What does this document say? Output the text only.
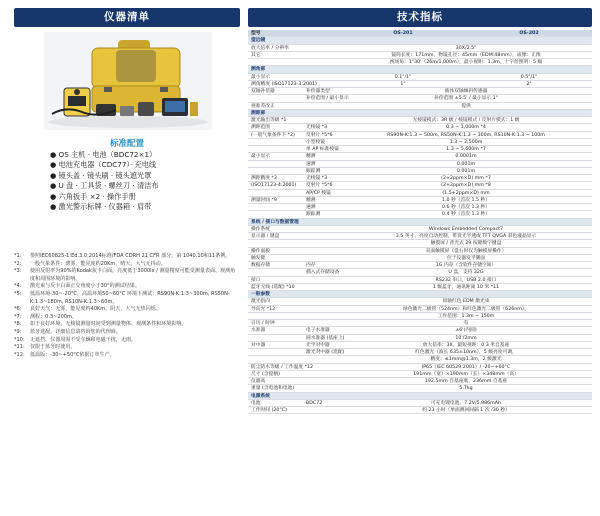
仪器清单
标准配置
● OS 主机 · 电池（BDC72×1）
● 电池充电器（CDC77）· 充电线
● 镜头盖 · 镜头刷 · 镜头遮光罩
● U 盘 · 工具袋 · 螺丝刀 · 清洁布
● 六角扳手 ×2 · 操作手册
● 激光警示标牌 · 仪器箱 · 肩带
*1:	参照IEC60825-1:Ed.3.0:2014标准/FDA CDRH 21 CFR 部分，第 1040.10和11条例。
*2:	一般气象条件：薄雾，能见度约20Km，晴天，大气无抖动。
*3:	使用反射率为90%的Kodak灰卡白面，亮度低于3000lx / 测量精度可能受测量表面、观测角度和周围环境的影响。
*4:	激光束与反卡白面正交角度小于30°的测试结果。
*5:	低温环境-30~-20°C，高温环境50~60°C 环境下测试：RS90N-K:1.3~300m, RS50N-K:1.3~180m, RS10N-K:1.3~60m。
*6:	良好天气：无雾，能见度约40Km，阴天，大气无热闪烁。
*7:	测程：0.3~200m。
*8:	如于良好环境，无棱镜测量时间受到测量物体、观测条件和环境影响。
*9:	蓝牙选配，详细信息请咨询您的代理商。
*10:	无遮挡、仪器周围不受车辆和电磁干扰，无雨。
*11:	仅限于蓝牙时使用。
*12:	低温版：-30~+50°C依据订单生产。
技术指标
型号	OS-201	OS-202
望远镜
放大倍率 / 分辨率	30X/2.5"
其它	镜筒长度：171mm，物镜孔径：45mm（EDM:48mm），成像：正像
视场角：1°30'（26m/1,000m），最小视距：1.3m，十字丝照明：5 级
测角部
最小显示	0.1"/1"	0.5"/1"
测角精度 (ISO17123-3:2001)	1"	2"
双轴补偿器	补偿器类型	液体双轴倾斜传感器
补偿范围 / 最小显示	补偿范围 ±5.5' / 最小显示 1"
视准差改正	提供
测距部
激光输出等级 *1	无棱镜模式：3R 级 / 棱镜模式 / 反射片模式：1 级
测距范围	无棱镜 *3	0.3 ~ 1,000m *4
(一般气象条件下 *2)	反射片 *5*6	RS90N-K:1.3 ~ 500m, RS50N-K:1.3 ~ 300m, RS10N-K:1.3 ~ 100m
小型棱镜	1.3 ~ 2,500m
单 AP 标准棱镜	1.3 ~ 5,600m *7
最小显示	精测	0.0001m
速测	0.001m
跟踪测	0.001m
测距精度 *3	无棱镜 *3	(2+2ppm×D) mm *7
(ISO17123-4:2001)	反射片 *5*6	(2+2ppm×D) mm *8
AP/CP 棱镜	(1.5+2ppm×D) mm
测量时间 *9	精测	1.0 秒（首次 1.5 秒）
速测	0.6 秒（首次 1.3 秒）
跟踪测	0.4 秒（首次 1.3 秒）
系统 / 接口与数据管理
操作系统	Windows Embedded Compact7
显示器 / 键盘	3.5 英寸，亮度自动控制，带背光半透或 TFT QVGA 彩色液晶显示
触摸屏 / 背光式 29 按键数字键盘
操作面板	双面触摸屏（盘右时仅为触摸屏操作）
触发键	位于仪器发平側面
数据存储	内存	1G 内存（含软件存储空间）
插入式存储设备	U 盘，支持 32G
接口	RS232 串口，USB 2.0 接口
蓝牙无线 (选配) *10	1 级蓝牙，通讯距离 10 米 *11
一般参数
激光指向	同轴红色 EDM 激光束
导向光 *12	绿色激光二极管（524nm）和红色激光二极管（626nm），
工作范围：1.3m ~ 150m
日历 / 时钟	有
水准器	电子水准器	±6'(内圆)
圆水准器 (基座上)	10'/2mm
对中器	光学对中器	放大倍率：3X，最短视距：0.3 米自基座
激光对中器 (选配)	红色激光（波长 635±10nm），5 级亮度可调，
精度：≤1mm@1.3m，2 级激光
防尘防水等级 / 工作温度 *12	IP65（IEC 60529:2001）/ -20~+60°C
尺寸 (含提柄)	191mm（宽）×190mm（长）×348mm（高）
仪器高	192.5mm 自基座底，236mm 自基座
重量 (含电池和电池)	5.7kg
电源系统
电池	BDC72	可充电锂电池，7.2V/5,986mAh
工作时间 (20°C)	约 23 小时（单面测回间隔 1 次 /30 秒）
